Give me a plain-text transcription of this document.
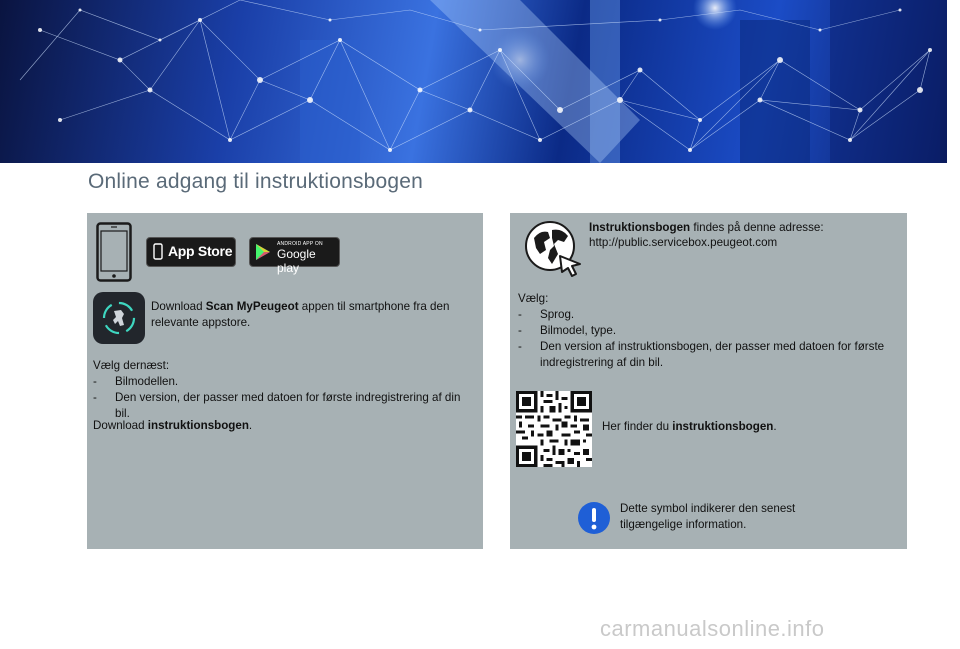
Online adgang til instruktionsbogen
App Store	ANDROID APP ON
Google play
Download Scan MyPeugeot appen til smartphone fra den relevante appstore.
Vælg dernæst:
- Bilmodellen.
- Den version, der passer med datoen for første indregistrering af din bil.
Download instruktionsbogen.
Instruktionsbogen findes på denne adresse:
http://public.servicebox.peugeot.com
Vælg:
- Sprog.
- Bilmodel, type.
- Den version af instruktionsbogen, der passer med datoen for første indregistrering af din bil.
Her finder du instruktionsbogen.
Dette symbol indikerer den senest tilgængelige information.
carmanualsonline.info
